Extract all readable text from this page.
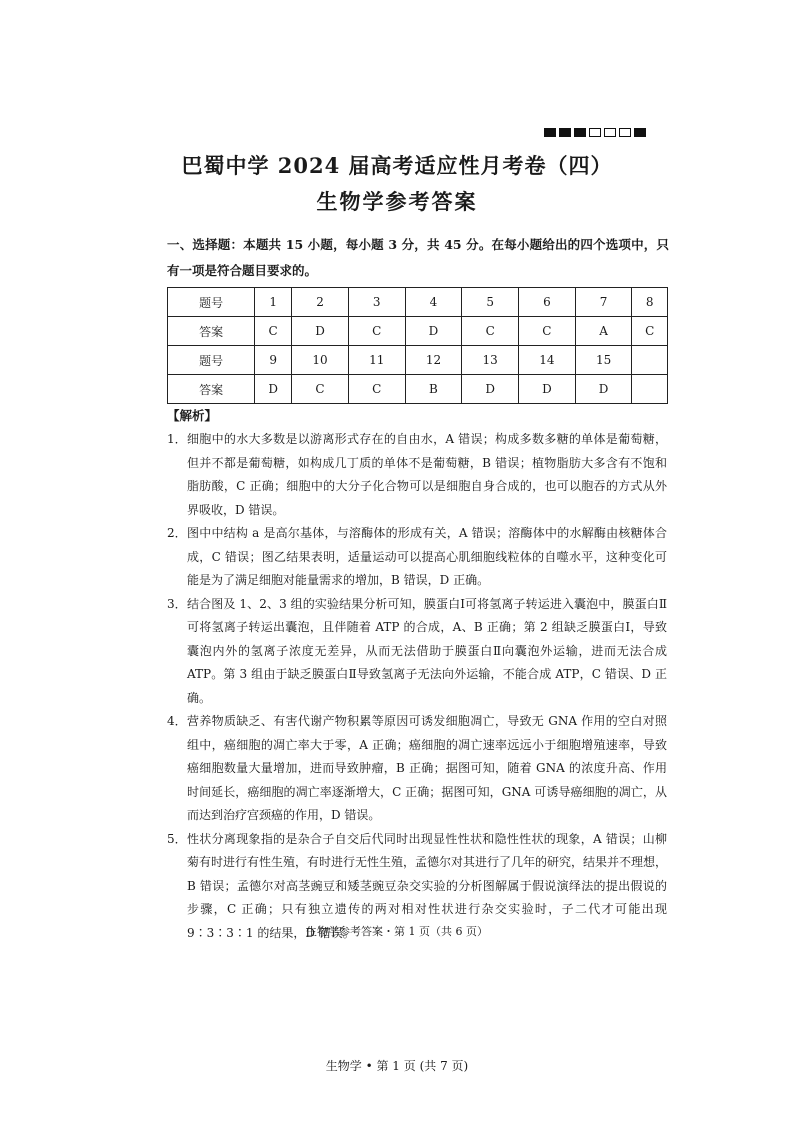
巴蜀中学 2024 届高考适应性月考卷（四）
生物学参考答案
一、选择题：本题共 15 小题，每小题 3 分，共 45 分。在每小题给出的四个选项中，只有一项是符合题目要求的。
题号	1	2	3	4	5	6	7	8
答案	C	D	C	D	C	C	A	C
题号	9	10	11	12	13	14	15	
答案	D	C	C	B	D	D	D	
【解析】
1． 细胞中的水大多数是以游离形式存在的自由水，A 错误；构成多数多糖的单体是葡萄糖，但并不都是葡萄糖，如构成几丁质的单体不是葡萄糖，B 错误；植物脂肪大多含有不饱和脂肪酸，C 正确；细胞中的大分子化合物可以是细胞自身合成的，也可以胞吞的方式从外界吸收，D 错误。
2． 图中中结构 a 是高尔基体，与溶酶体的形成有关，A 错误；溶酶体中的水解酶由核糖体合成，C 错误；图乙结果表明，适量运动可以提高心肌细胞线粒体的自噬水平，这种变化可能是为了满足细胞对能量需求的增加，B 错误，D 正确。
3． 结合图及 1、2、3 组的实验结果分析可知，膜蛋白Ⅰ可将氢离子转运进入囊泡中，膜蛋白Ⅱ可将氢离子转运出囊泡，且伴随着 ATP 的合成，A、B 正确；第 2 组缺乏膜蛋白Ⅰ，导致囊泡内外的氢离子浓度无差异，从而无法借助于膜蛋白Ⅱ向囊泡外运输，进而无法合成 ATP。第 3 组由于缺乏膜蛋白Ⅱ导致氢离子无法向外运输，不能合成 ATP，C 错误、D 正确。
4． 营养物质缺乏、有害代谢产物积累等原因可诱发细胞凋亡，导致无 GNA 作用的空白对照组中，癌细胞的凋亡率大于零，A 正确；癌细胞的凋亡速率远远小于细胞增殖速率，导致癌细胞数量大量增加，进而导致肿瘤，B 正确；据图可知，随着 GNA 的浓度升高、作用时间延长，癌细胞的凋亡率逐渐增大，C 正确；据图可知，GNA 可诱导癌细胞的凋亡，从而达到治疗宫颈癌的作用，D 错误。
5． 性状分离现象指的是杂合子自交后代同时出现显性性状和隐性性状的现象，A 错误；山柳菊有时进行有性生殖，有时进行无性生殖，孟德尔对其进行了几年的研究，结果并不理想，B 错误；孟德尔对高茎豌豆和矮茎豌豆杂交实验的分析图解属于假说演绎法的提出假说的步骤，C 正确；只有独立遗传的两对相对性状进行杂交实验时，子二代才可能出现 9∶3∶3∶1 的结果，D 错误。
生物学参考答案・第 1 页（共 6 页）
生物学 • 第 1 页 (共 7 页)
